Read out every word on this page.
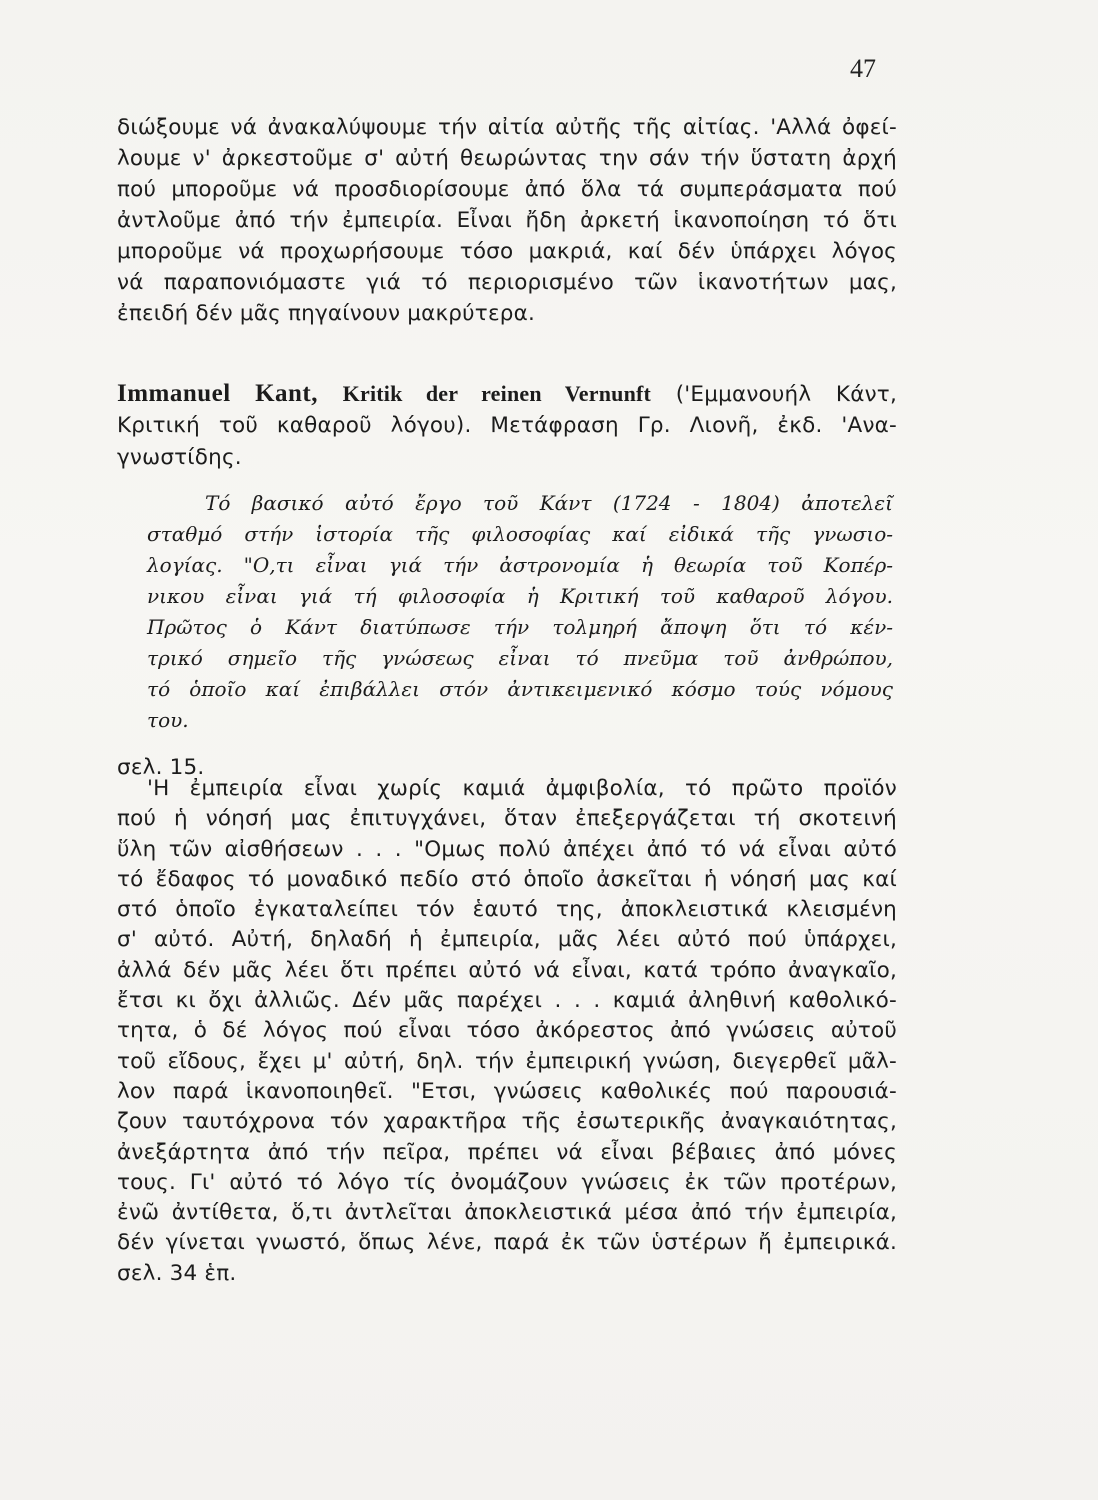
47
διώξουμε νά ἀνακαλύψουμε τήν αἰτία αὐτῆς τῆς αἰτίας. 'Αλλά ὀφεί-
λουμε ν' ἀρκεστοῦμε σ' αὐτή θεωρώντας την σάν τήν ὕστατη ἀρχή
πού μποροῦμε νά προσδιορίσουμε ἀπό ὅλα τά συμπεράσματα πού
ἀντλοῦμε ἀπό τήν ἐμπειρία. Εἶναι ἤδη ἀρκετή ἱκανοποίηση τό ὅτι
μποροῦμε νά προχωρήσουμε τόσο μακριά, καί δέν ὑπάρχει λόγος
νά παραπονιόμαστε γιά τό περιορισμένο τῶν ἱκανοτήτων μας,
ἐπειδή δέν μᾶς πηγαίνουν μακρύτερα.
Immanuel Kant, Kritik der reinen Vernunft ('Εμμανουήλ Κάντ,
Κριτική τοῦ καθαροῦ λόγου). Μετάφραση Γρ. Λιονῆ, ἐκδ. 'Ανα-
γνωστίδης.
Τό βασικό αὐτό ἔργο τοῦ Κάντ (1724 - 1804) ἀποτελεῖ
σταθμό στήν ἱστορία τῆς φιλοσοφίας καί εἰδικά τῆς γνωσιο-
λογίας. "Ο,τι εἶναι γιά τήν ἀστρονομία ἡ θεωρία τοῦ Κοπέρ-
νικου εἶναι γιά τή φιλοσοφία ἡ Κριτική τοῦ καθαροῦ λόγου.
Πρῶτος ὁ Κάντ διατύπωσε τήν τολμηρή ἄποψη ὅτι τό κέν-
τρικό σημεῖο τῆς γνώσεως εἶναι τό πνεῦμα τοῦ ἀνθρώπου,
τό ὁποῖο καί ἐπιβάλλει στόν ἀντικειμενικό κόσμο τούς νόμους
του.
σελ. 15.
'Η ἐμπειρία εἶναι χωρίς καμιά ἀμφιβολία, τό πρῶτο προϊόν
πού ἡ νόησή μας ἐπιτυγχάνει, ὅταν ἐπεξεργάζεται τή σκοτεινή
ὕλη τῶν αἰσθήσεων . . . "Ομως πολύ ἀπέχει ἀπό τό νά εἶναι αὐτό
τό ἔδαφος τό μοναδικό πεδίο στό ὁποῖο ἀσκεῖται ἡ νόησή μας καί
στό ὁποῖο ἐγκαταλείπει τόν ἑαυτό της, ἀποκλειστικά κλεισμένη
σ' αὐτό. Αὐτή, δηλαδή ἡ ἐμπειρία, μᾶς λέει αὐτό πού ὑπάρχει,
ἀλλά δέν μᾶς λέει ὅτι πρέπει αὐτό νά εἶναι, κατά τρόπο ἀναγκαῖο,
ἔτσι κι ὄχι ἀλλιῶς. Δέν μᾶς παρέχει . . . καμιά ἀληθινή καθολικό-
τητα, ὁ δέ λόγος πού εἶναι τόσο ἀκόρεστος ἀπό γνώσεις αὐτοῦ
τοῦ εἴδους, ἔχει μ' αὐτή, δηλ. τήν ἐμπειρική γνώση, διεγερθεῖ μᾶλ-
λον παρά ἱκανοποιηθεῖ. "Ετσι, γνώσεις καθολικές πού παρουσιά-
ζουν ταυτόχρονα τόν χαρακτῆρα τῆς ἐσωτερικῆς ἀναγκαιότητας,
ἀνεξάρτητα ἀπό τήν πεῖρα, πρέπει νά εἶναι βέβαιες ἀπό μόνες
τους. Γι' αὐτό τό λόγο τίς ὀνομάζουν γνώσεις ἐκ τῶν προτέρων,
ἐνῶ ἀντίθετα, ὅ,τι ἀντλεῖται ἀποκλειστικά μέσα ἀπό τήν ἐμπειρία,
δέν γίνεται γνωστό, ὅπως λένε, παρά ἐκ τῶν ὑστέρων ἤ ἐμπειρικά.
σελ. 34 ἑπ.
